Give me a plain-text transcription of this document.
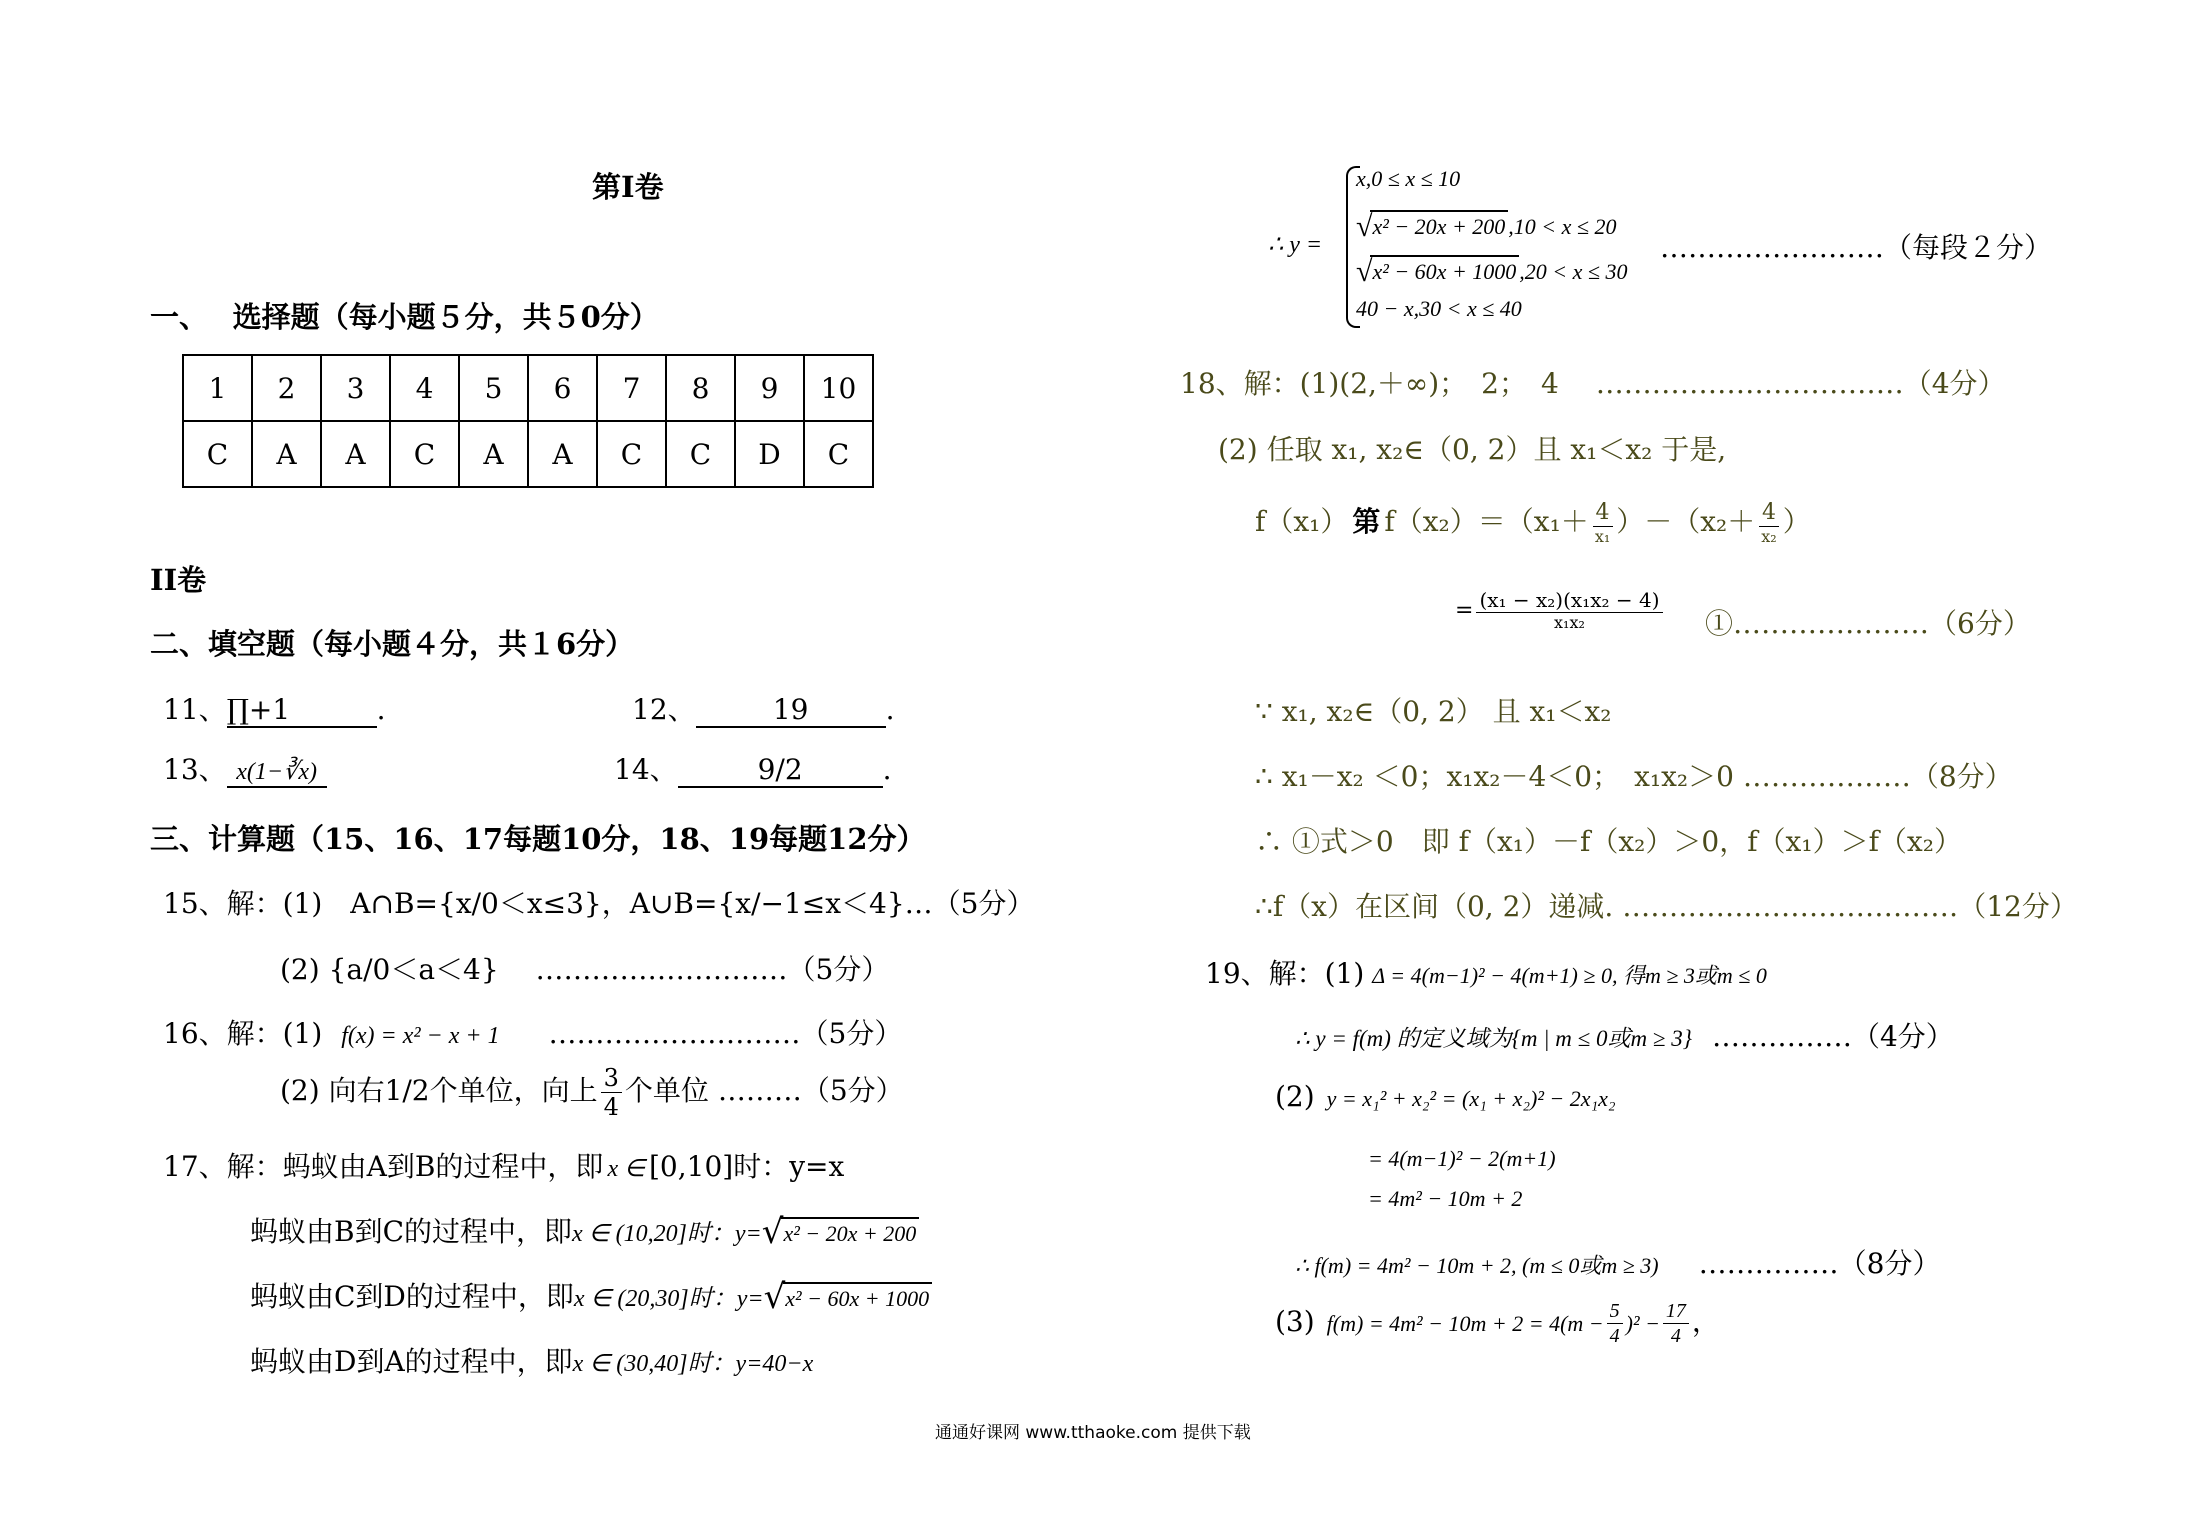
第Ⅰ卷
一、　 选择题（每小题５分，共５0分）
1	2	3	4	5	6	7	8	9	10
C	A	A	C	A	A	C	C	D	C
II卷
二、填空题（每小题４分，共１6分）
11、∏+1	.	12、	19	.
13、 x(1−∛x)	14、	9/2	.
三、计算题（15、16、17每题10分，18、19每题12分）
15、解：(1)　A∩B={x/0＜x≤3}，A∪B={x/−1≤x＜4}…（5分）
(2) {a/0＜a＜4}　 ………………………（5分）
16、解：(1) f(x) = x² − x + 1 ………………………（5分）
(2) 向右1/2个单位，向上 $\frac{3}{4}$ 个单位 ………（5分）
17、解：蚂蚁由A到B的过程中，即 x ∈ [0,10]时：y=x
蚂蚁由B到C的过程中，即x ∈ (10,20]时：y=√x² − 20x + 200
蚂蚁由C到D的过程中，即x ∈ (20,30]时：y=√x² − 60x + 1000
蚂蚁由D到A的过程中，即x ∈ (30,40]时：y=40−x
∴ y =
x,0 ≤ x ≤ 10
√x² − 20x + 200 ,10 < x ≤ 20
√x² − 60x + 1000 ,20 < x ≤ 30
40 − x,30 < x ≤ 40
……………………（每段２分）
18、解：(1)(2,＋∞)；　2；　4　 ……………………………（4分）
(2) 任取 x₁, x₂∈（0, 2）且 x₁＜x₂ 于是,
f（x₁） 第 $f(x_2)=(x_1+ \frac{4}{\text{x₁}} )-(x_2+ \frac{4}{\text{x₂}}$ ）
= $\frac{\text{(x₁ − x₂)(x₁x₂ − 4)}}{\text{x₁x₂}}$ ①…………………（6分）
∵ x₁, x₂∈（0, 2） 且 x₁＜x₂
∴ x₁－x₂ ＜0；x₁x₂－4＜0；　x₁x₂＞0 ………………（8分）
∴ ①式＞0　即 f（x₁）－f（x₂）＞0，f（x₁）＞f（x₂）
∴f（x）在区间（0, 2）递减. ………………………………（12分）
19、解：(1) Δ = 4(m−1)² − 4(m+1) ≥ 0, 得m ≥ 3或m ≤ 0
∴ y = f(m) 的定义域为{m | m ≤ 0或m ≥ 3} ……………（4分）
(2) y = x₁² + x₂² = (x₁ + x₂)² − 2x₁x₂
= 4(m−1)² − 2(m+1)
= 4m² − 10m + 2
∴ f(m) = 4m² − 10m + 2, (m ≤ 0或m ≥ 3) ……………（8分）
(3) $f(m) = 4m^2 - 10m + 2 = 4(m - \frac{5}{4} )^2 - \frac{17}{4}$ ，
通通好课网 www.tthaoke.com 提供下载
